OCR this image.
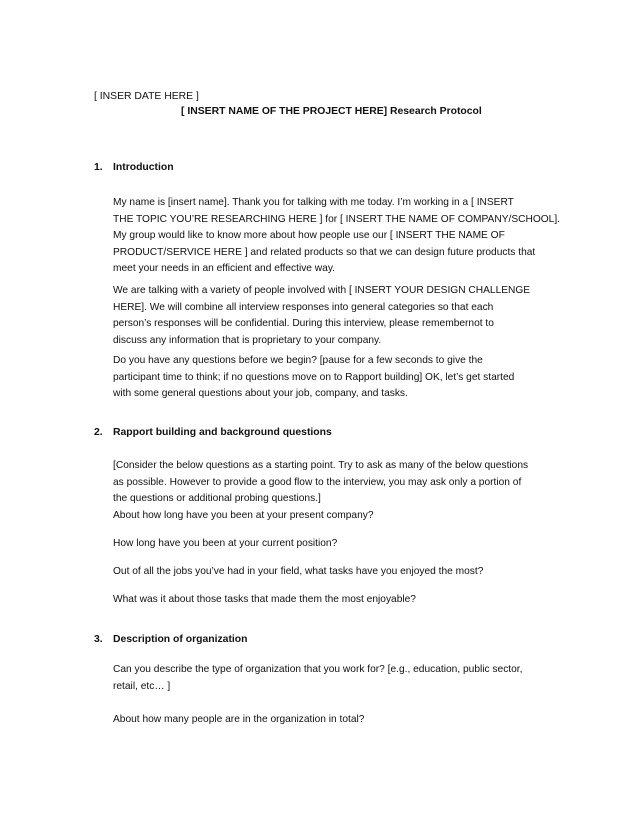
[ INSER DATE HERE ]
[ INSERT NAME OF THE PROJECT HERE] Research Protocol
1. Introduction
My name is [insert name]. Thank you for talking with me today. I’m working in a [ INSERT
THE TOPIC YOU’RE RESEARCHING HERE ] for [ INSERT THE NAME OF COMPANY/SCHOOL].
My group would like to know more about how people use our [ INSERT THE NAME OF
PRODUCT/SERVICE HERE ] and related products so that we can design future products that
meet your needs in an efficient and effective way.
We are talking with a variety of people involved with [ INSERT YOUR DESIGN CHALLENGE
HERE]. We will combine all interview responses into general categories so that each
person’s responses will be confidential. During this interview, please remembernot to
discuss any information that is proprietary to your company.
Do you have any questions before we begin? [pause for a few seconds to give the
participant time to think; if no questions move on to Rapport building] OK, let’s get started
with some general questions about your job, company, and tasks.
2. Rapport building and background questions
[Consider the below questions as a starting point. Try to ask as many of the below questions
as possible. However to provide a good flow to the interview, you may ask only a portion of
the questions or additional probing questions.]
About how long have you been at your present company?
How long have you been at your current position?
Out of all the jobs you’ve had in your field, what tasks have you enjoyed the most?
What was it about those tasks that made them the most enjoyable?
3. Description of organization
Can you describe the type of organization that you work for? [e.g., education, public sector,
retail, etc… ]
About how many people are in the organization in total?
